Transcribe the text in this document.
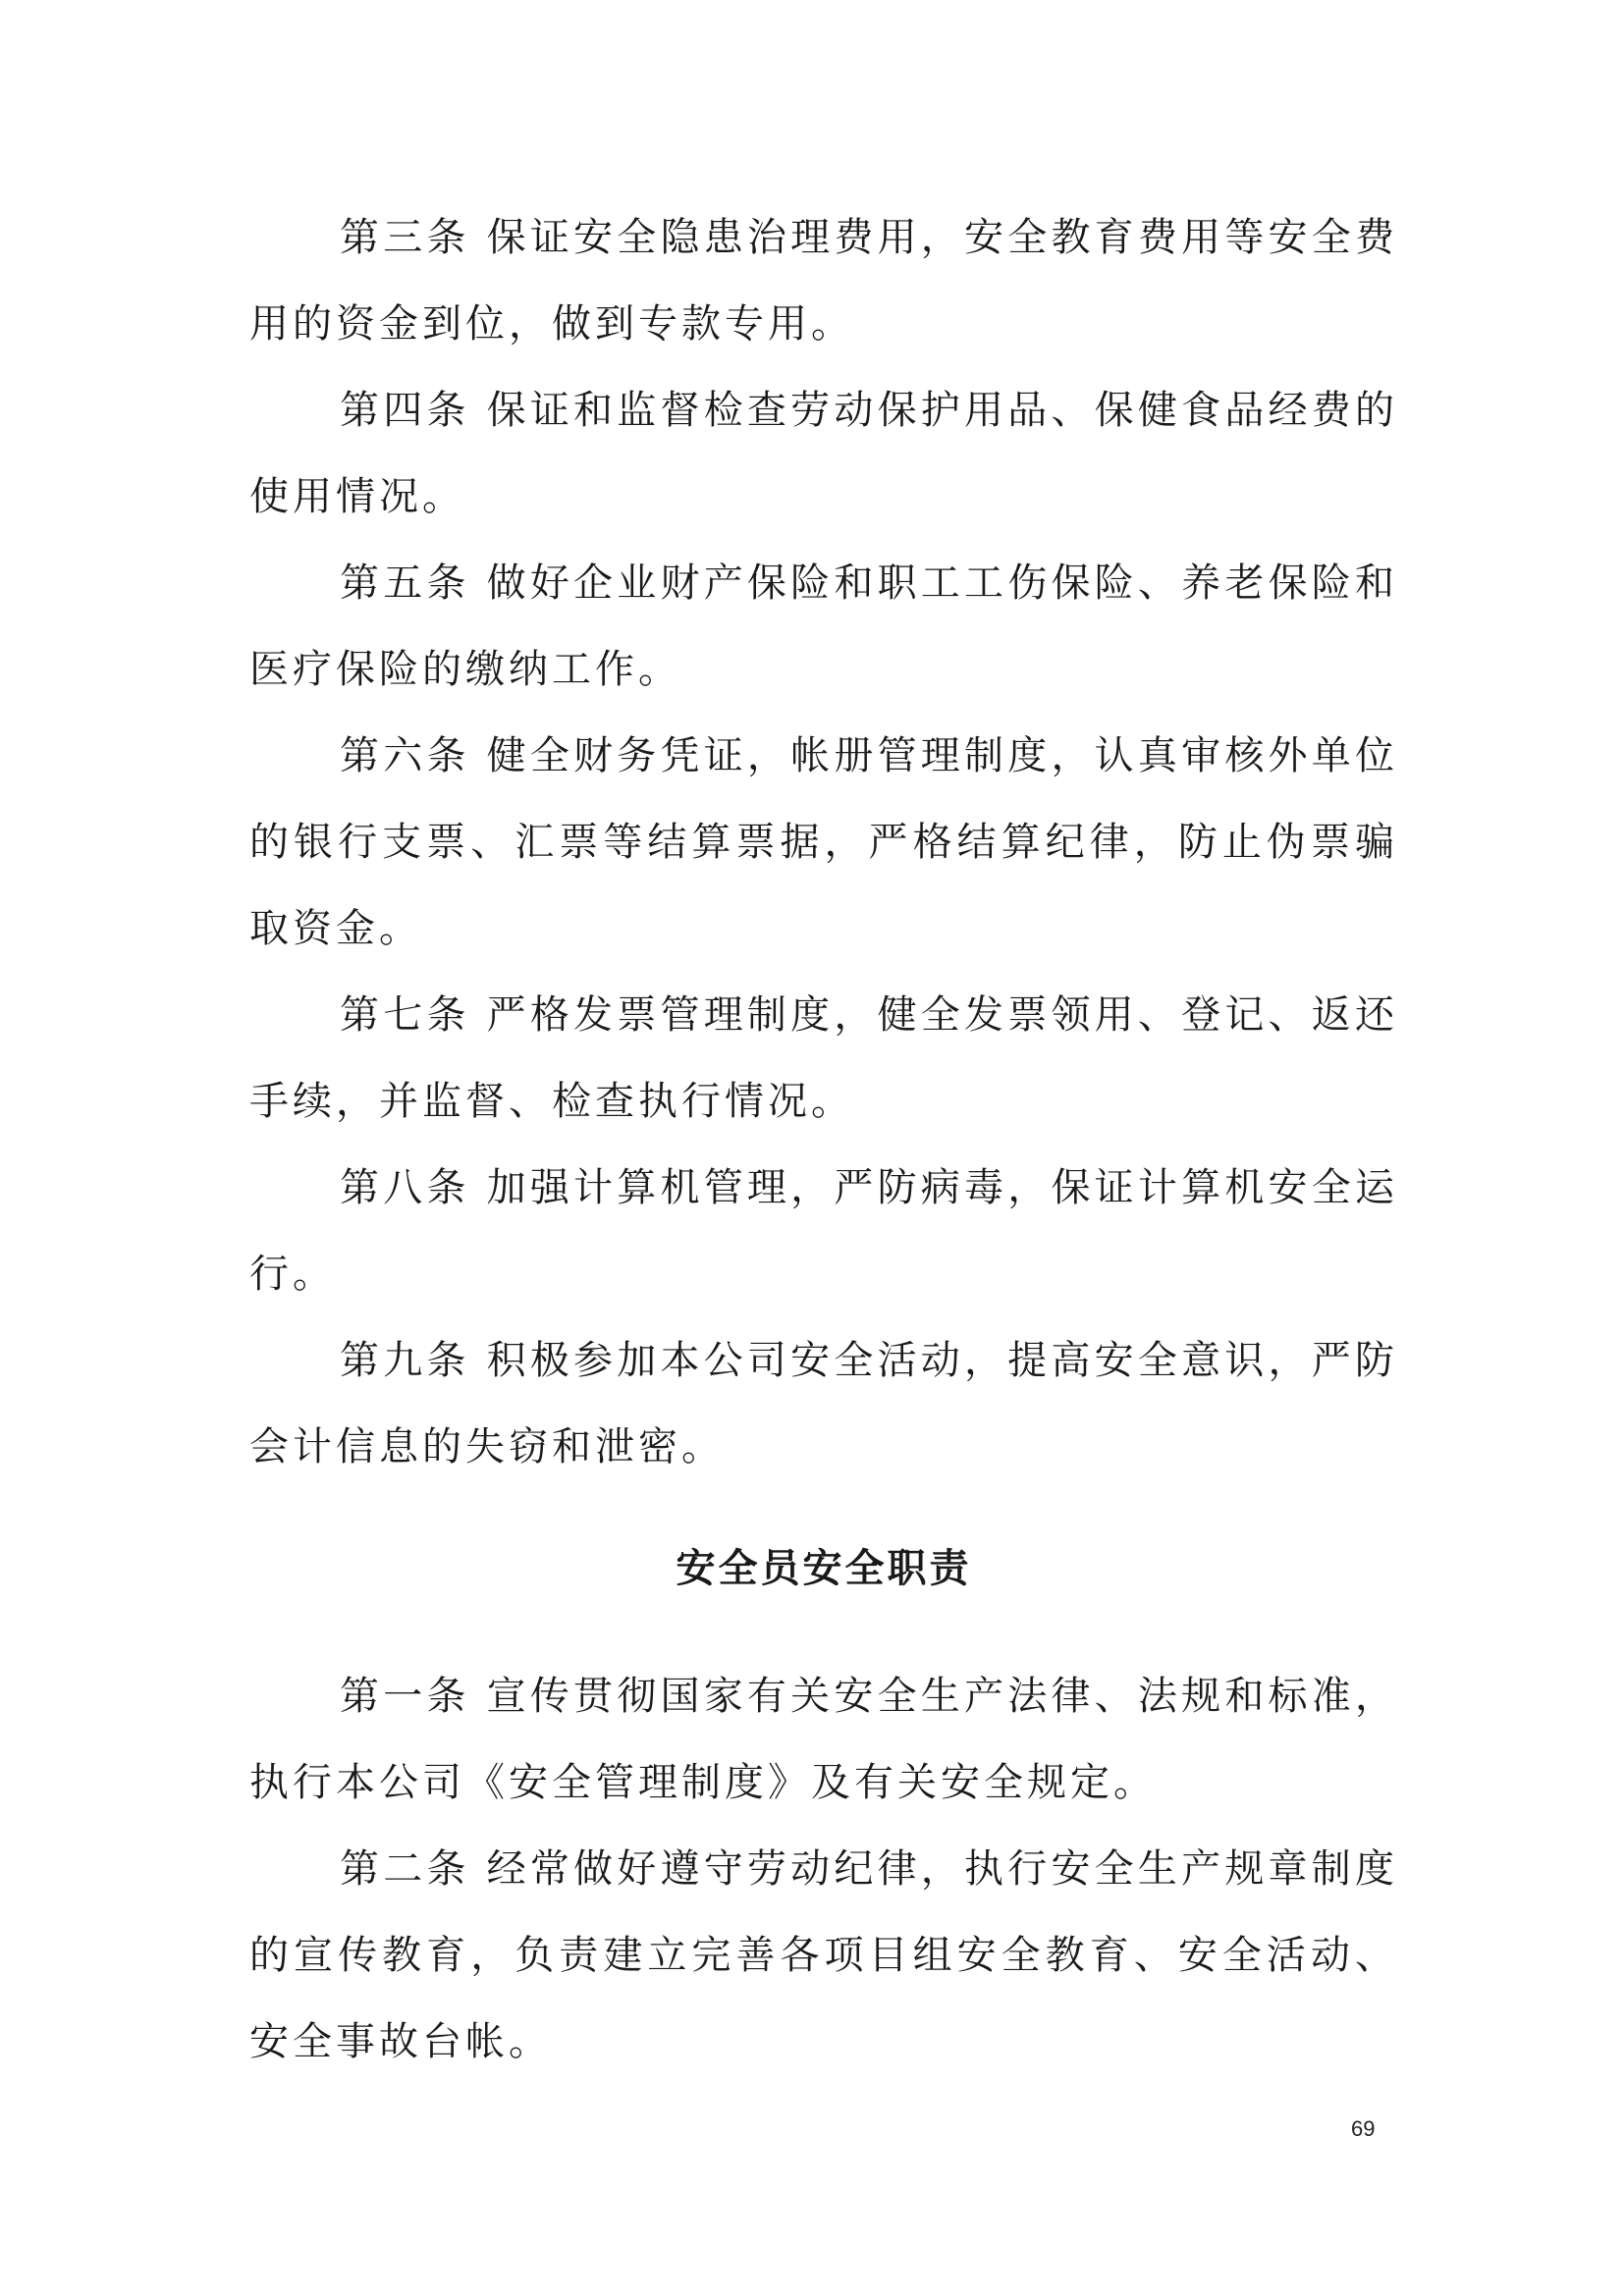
第三条 保证安全隐患治理费用，安全教育费用等安全费用的资金到位，做到专款专用。

第四条 保证和监督检查劳动保护用品、保健食品经费的使用情况。

第五条 做好企业财产保险和职工工伤保险、养老保险和医疗保险的缴纳工作。

第六条 健全财务凭证，帐册管理制度，认真审核外单位的银行支票、汇票等结算票据，严格结算纪律，防止伪票骗取资金。

第七条 严格发票管理制度，健全发票领用、登记、返还手续，并监督、检查执行情况。

第八条 加强计算机管理，严防病毒，保证计算机安全运行。

第九条 积极参加本公司安全活动，提高安全意识，严防会计信息的失窃和泄密。

安全员安全职责

第一条 宣传贯彻国家有关安全生产法律、法规和标准，执行本公司《安全管理制度》及有关安全规定。

第二条 经常做好遵守劳动纪律，执行安全生产规章制度的宣传教育，负责建立完善各项目组安全教育、安全活动、安全事故台帐。

69
